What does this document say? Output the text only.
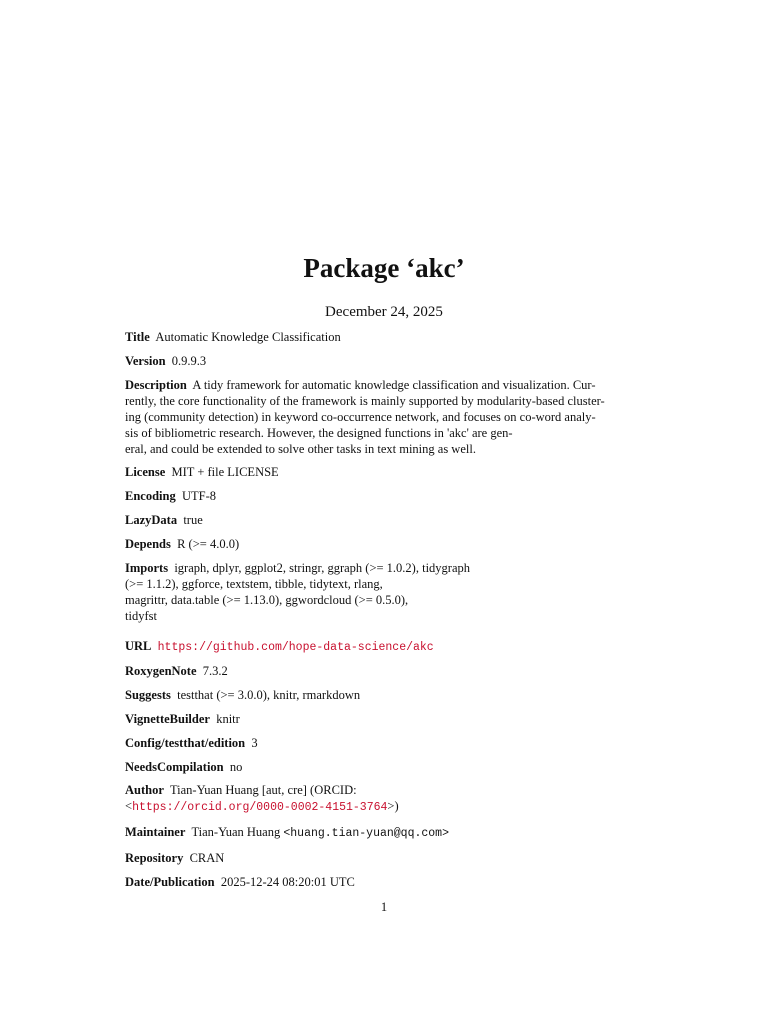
Package ‘akc’
December 24, 2025

Title Automatic Knowledge Classification

Version 0.9.9.3

Description A tidy framework for automatic knowledge classification and visualization. Cur-
rently, the core functionality of the framework is mainly supported by modularity-based cluster-
ing (community detection) in keyword co-occurrence network, and focuses on co-word analy-
sis of bibliometric research. However, the designed functions in 'akc' are gen-
eral, and could be extended to solve other tasks in text mining as well.

License MIT + file LICENSE

Encoding UTF-8

LazyData true

Depends R (>= 4.0.0)

Imports igraph, dplyr, ggplot2, stringr, ggraph (>= 1.0.2), tidygraph
(>= 1.1.2), ggforce, textstem, tibble, tidytext, rlang,
magrittr, data.table (>= 1.13.0), ggwordcloud (>= 0.5.0),
tidyfst

URL https://github.com/hope-data-science/akc

RoxygenNote 7.3.2

Suggests testthat (>= 3.0.0), knitr, rmarkdown

VignetteBuilder knitr

Config/testthat/edition 3

NeedsCompilation no

Author Tian-Yuan Huang [aut, cre] (ORCID:
<https://orcid.org/0000-0002-4151-3764>)

Maintainer Tian-Yuan Huang <huang.tian-yuan@qq.com>

Repository CRAN

Date/Publication 2025-12-24 08:20:01 UTC

1
